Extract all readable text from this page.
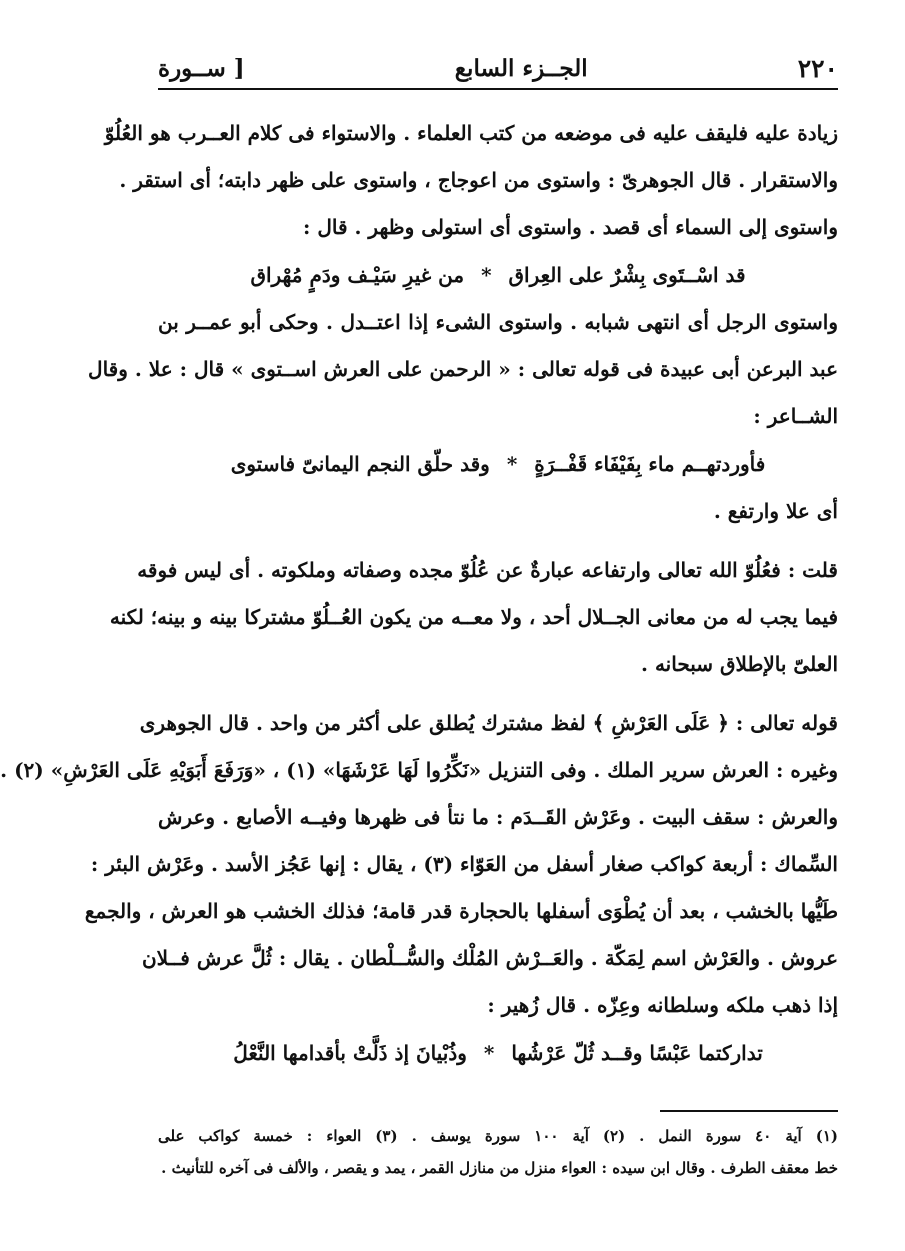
٢٢٠
الجــزء السابع
[ ســورة
زيادة عليه فليقف عليه فى موضعه من كتب العلماء . والاستواء فى كلام العــرب هو العُلُوّ
والاستقرار . قال الجوهرىّ : واستوى من اعوجاج ، واستوى على ظهر دابته؛ أى استقر .
واستوى إلى السماء أى قصد . واستوى أى استولى وظهر . قال :
قد اسْــتَوى بِشْرٌ على العِراق * من غيرِ سَيْـف ودَمٍ مُهْراق
واستوى الرجل أى انتهى شبابه . واستوى الشىء إذا اعتــدل . وحكى أبو عمــر بن
عبد البرعن أبى عبيدة فى قوله تعالى : « الرحمن على العرش اســتوى » قال : علا . وقال
الشــاعر :
فأوردتهــم ماء بِفَيْفَاء قَفْــرَةٍ * وقد حلّق النجم اليمانىّ فاستوى
أى علا وارتفع .
قلت : فعُلُوّ الله تعالى وارتفاعه عبارةٌ عن عُلُوّ مجده وصفاته وملكوته . أى ليس فوقه
فيما يجب له من معانى الجــلال أحد ، ولا معــه من يكون العُــلُوّ مشتركا بينه و بينه؛ لكنه
العلىّ بالإطلاق سبحانه .
قوله تعالى : ﴿ عَلَى العَرْشِ ﴾ لفظ مشترك يُطلق على أكثر من واحد . قال الجوهرى
وغيره : العرش سرير الملك . وفى التنزيل «نَكِّرُوا لَهَا عَرْشَهَا» (١) ، «وَرَفَعَ أَبَوَيْهِ عَلَى العَرْشِ» (٢) .
والعرش : سقف البيت . وعَرْش القَــدَم : ما نتأ فى ظهرها وفيــه الأصابع . وعرش
السِّماك : أربعة كواكب صغار أسفل من العَوّاء (٣) ، يقال : إنها عَجُز الأسد . وعَرْش البئر :
طَيُّها بالخشب ، بعد أن يُطْوَى أسفلها بالحجارة قدر قامة؛ فذلك الخشب هو العرش ، والجمع
عروش . والعَرْش اسم لِمَكّة . والعَــرْش المُلْك والسُّــلْطان . يقال : ثُلَّ عرش فــلان
إذا ذهب ملكه وسلطانه وعِزّه . قال زُهير :
تداركتما عَبْسًا وقــد ثُلّ عَرْشُها * وذُبْيانَ إذ ذَلَّتْ بأقدامها النَّعْلُ
(١) آية ٤٠ سورة النمل . (٢) آية ١٠٠ سورة يوسف . (٣) العواء : خمسة كواكب على
خط معقف الطرف . وقال ابن سيده : العواء منزل من منازل القمر ، يمد و يقصر ، والألف فى آخره للتأنيث .
